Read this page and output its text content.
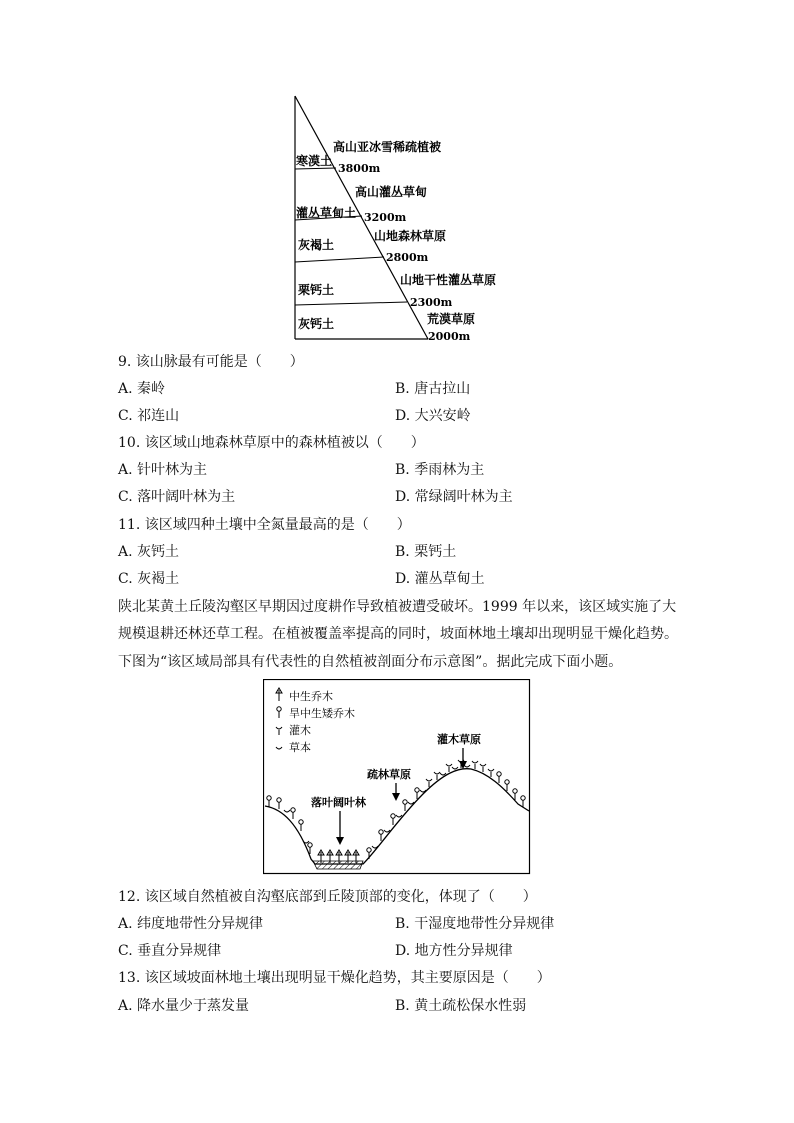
高山亚冰雪稀疏植被
高山灌丛草甸
山地森林草原
山地干性灌丛草原
荒漠草原
寒漠土
灌丛草甸土
灰褐土
栗钙土
灰钙土
3800m
3200m
2800m
2300m
2000m
9. 该山脉最有可能是（　　）
A. 秦岭	B. 唐古拉山
C. 祁连山	D. 大兴安岭
10. 该区域山地森林草原中的森林植被以（　　）
A. 针叶林为主	B. 季雨林为主
C. 落叶阔叶林为主	D. 常绿阔叶林为主
11. 该区域四种土壤中全氮量最高的是（　　）
A. 灰钙土	B. 栗钙土
C. 灰褐土	D. 灌丛草甸土
陕北某黄土丘陵沟壑区早期因过度耕作导致植被遭受破坏。1999 年以来，该区域实施了大
规模退耕还林还草工程。在植被覆盖率提高的同时，坡面林地土壤却出现明显干燥化趋势。
下图为“该区域局部具有代表性的自然植被剖面分布示意图”。据此完成下面小题。
中生乔木
旱中生矮乔木
灌木
草本
灌木草原
疏林草原
落叶阔叶林
12. 该区域自然植被自沟壑底部到丘陵顶部的变化，体现了（　　）
A. 纬度地带性分异规律	B. 干湿度地带性分异规律
C. 垂直分异规律	D. 地方性分异规律
13. 该区域坡面林地土壤出现明显干燥化趋势，其主要原因是（　　）
A. 降水量少于蒸发量	B. 黄土疏松保水性弱
